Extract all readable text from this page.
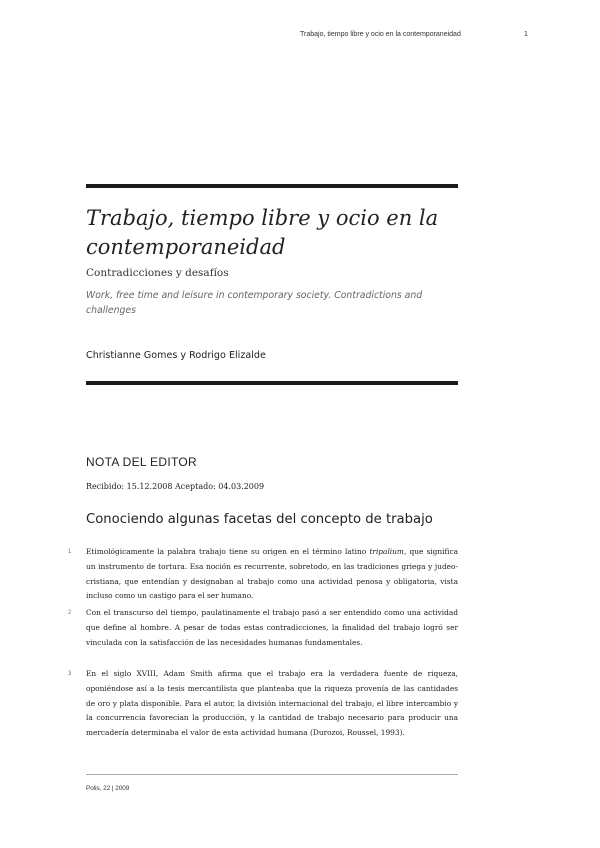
Trabajo, tiempo libre y ocio en la contemporaneidad	1
Trabajo, tiempo libre y ocio en la contemporaneidad
Contradicciones y desafíos
Work, free time and leisure in contemporary society. Contradictions and challenges
Christianne Gomes y Rodrigo Elizalde
NOTA DEL EDITOR
Recibido: 15.12.2008 Aceptado: 04.03.2009
Conociendo algunas facetas del concepto de trabajo
1 Etimológicamente la palabra trabajo tiene su origen en el término latino tripalium, que significa un instrumento de tortura. Esa noción es recurrente, sobretodo, en las tradiciones griega y judeo-cristiana, que entendían y designaban al trabajo como una actividad penosa y obligatoria, vista incluso como un castigo para el ser humano.

2 Con el transcurso del tiempo, paulatinamente el trabajo pasó a ser entendido como una actividad que define al hombre. A pesar de todas estas contradicciones, la finalidad del trabajo logró ser vinculada con la satisfacción de las necesidades humanas fundamentales.

3 En el siglo XVIII, Adam Smith afirma que el trabajo era la verdadera fuente de riqueza, oponiéndose así a la tesis mercantilista que planteaba que la riqueza provenía de las cantidades de oro y plata disponible. Para el autor, la división internacional del trabajo, el libre intercambio y la concurrencia favorecían la producción, y la cantidad de trabajo necesario para producir una mercadería determinaba el valor de esta actividad humana (Durozoi, Roussel, 1993).

Polis, 22 | 2009
